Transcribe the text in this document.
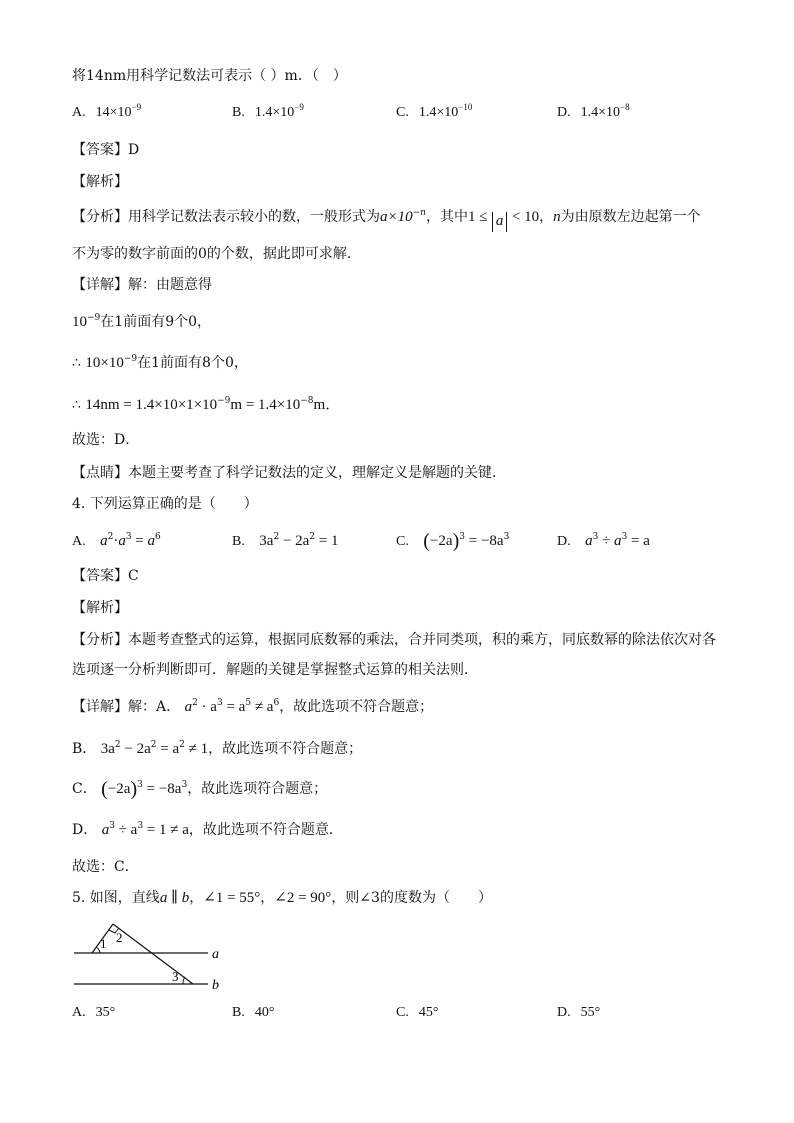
将14nm用科学记数法可表示（ ）m．（　）
A. $14\times 10^{-9}$	B. $1.4\times 10^{-9}$	C. $1.4\times 10^{-10}$	D. $1.4\times 10^{-8}$
【答案】D
【解析】
【分析】用科学记数法表示较小的数，一般形式为$a\times 10^{-n}$，其中1 ≤ a < 10，n为由原数左边起第一个
不为零的数字前面的0的个数，据此即可求解．
【详解】解：由题意得
$10^{-9}$在1前面有9个0，
∴ $10\times 10^{-9}$在1前面有8个0，
∴ $14nm = 1.4\times 10\times 1\times 10^{-9}m = 1.4\times 10^{-8}m$．
故选：D．
【点睛】本题主要考查了科学记数法的定义，理解定义是解题的关键．
4. 下列运算正确的是（　　）
A. $a^2\cdot a^3 = a^6$	B. $3a^2 - 2a^2 = 1$	C. $(-2a)^3 = -8a^3$	D. $a^3 \div a^3 = a$
【答案】C
【解析】
【分析】本题考查整式的运算，根据同底数幂的乘法，合并同类项，积的乘方，同底数幂的除法依次对各
选项逐一分析判断即可．解题的关键是掌握整式运算的相关法则．
【详解】解：A． $a^2 \cdot a^3 = a^5 \ne a^6$，故此选项不符合题意；
B． $3a^2 - 2a^2 = a^2 \ne 1$，故此选项不符合题意；
C． $(-2a)^3 = -8a^3$，故此选项符合题意；
D． $a^3 \div a^3 = 1 \ne a$，故此选项不符合题意．
故选：C．
5. 如图，直线a ∥ b，∠1 = 55°，∠2 = 90°，则∠3的度数为（　　）
1 2
3
a
b
A. 35°	B. 40°	C. 45°	D. 55°
